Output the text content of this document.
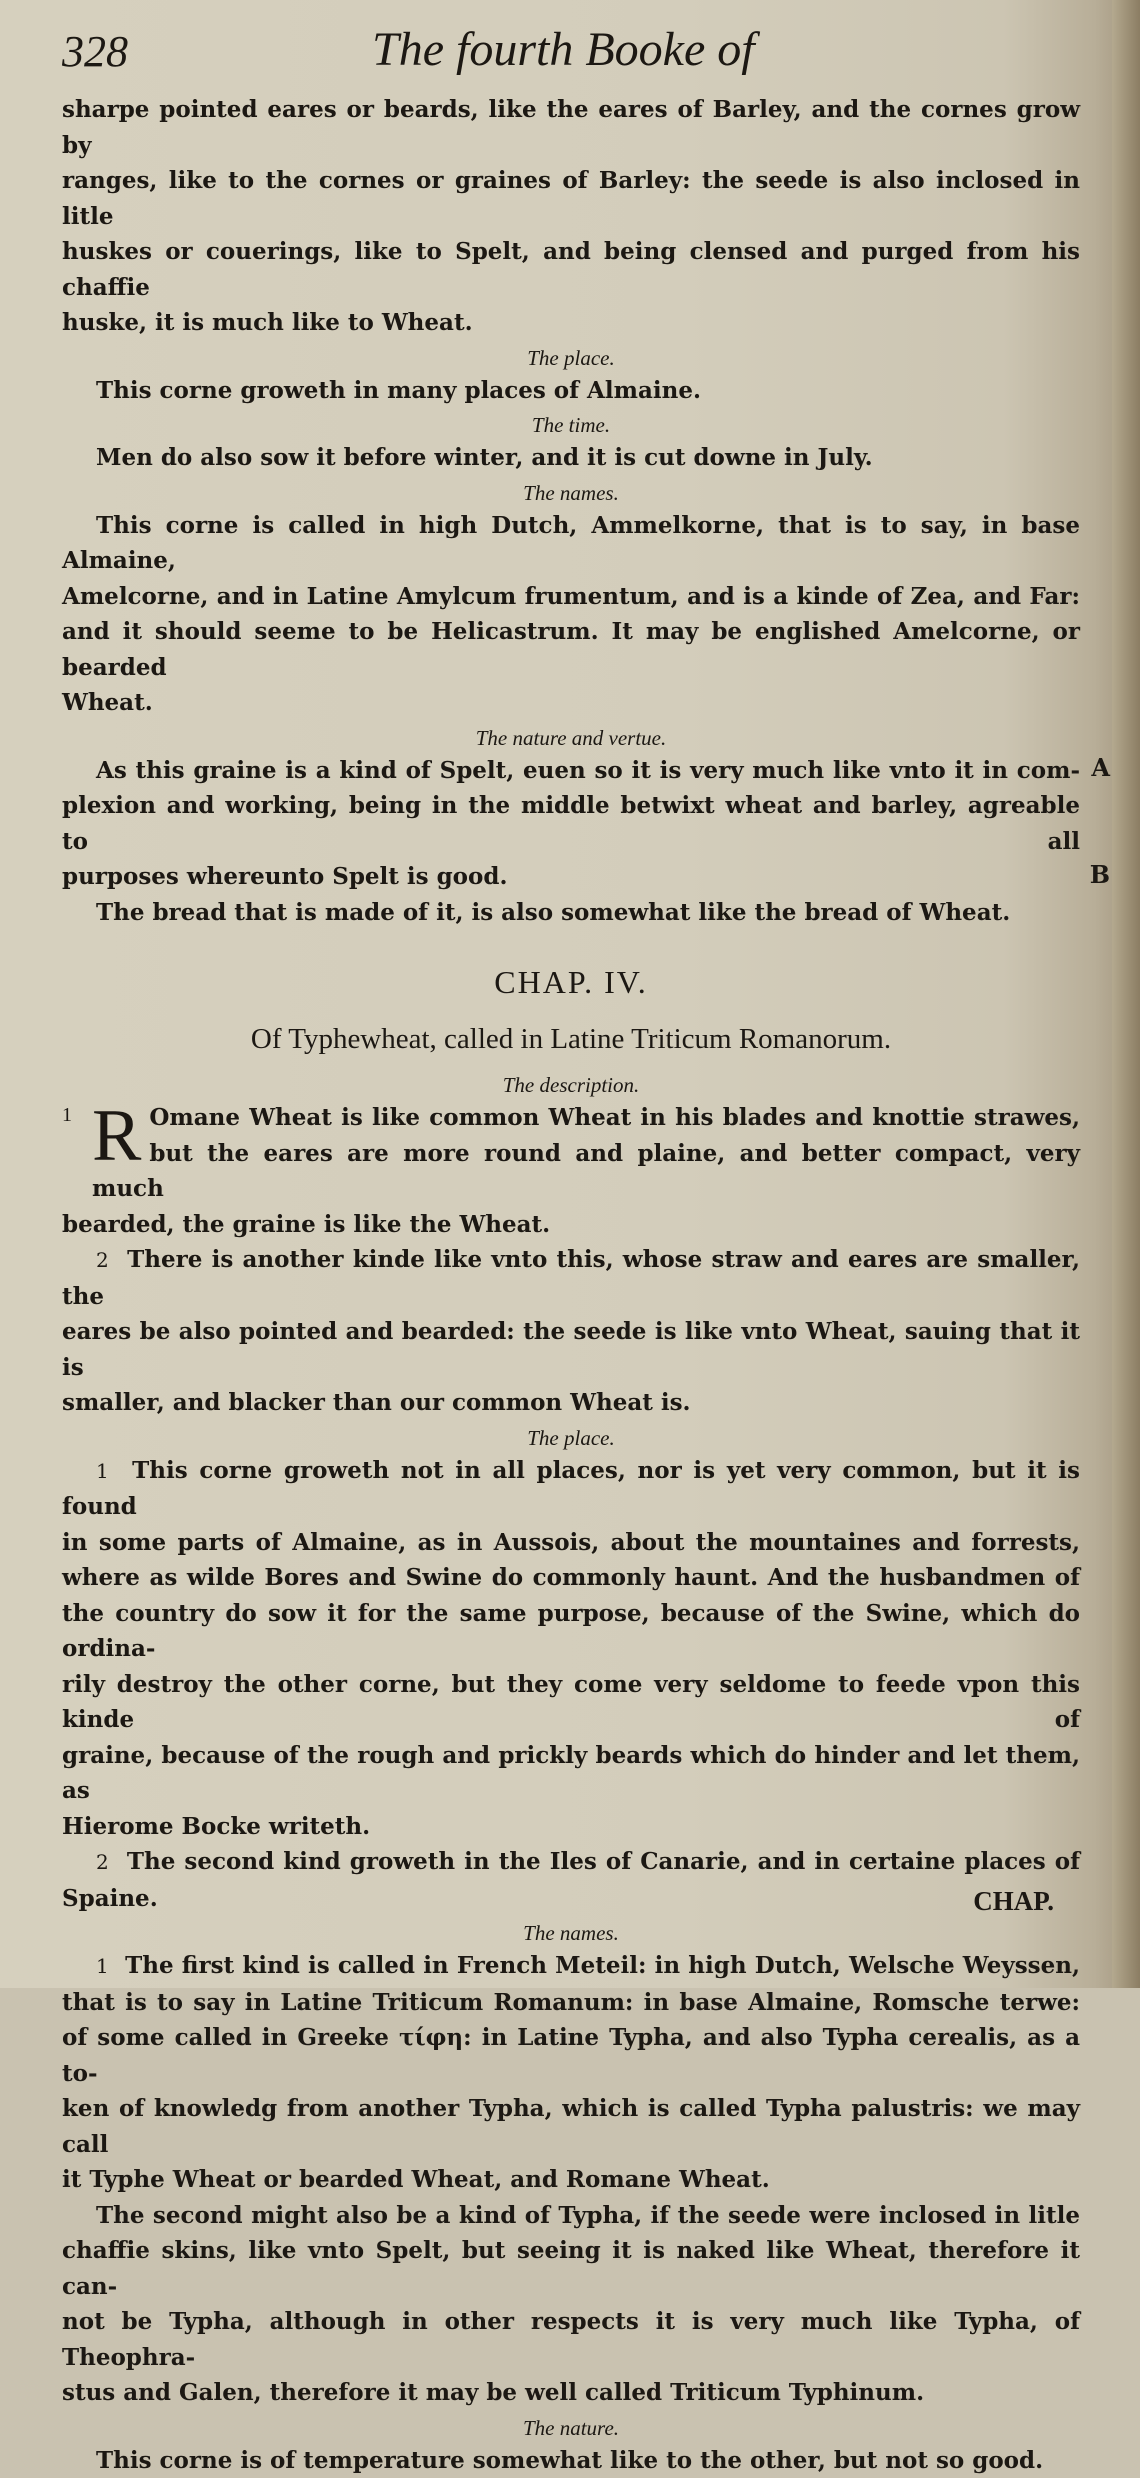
328	The fourth Booke of

sharpe pointed eares or beards, like the eares of Barley, and the cornes grow by

ranges, like to the cornes or graines of Barley: the seede is also inclosed in litle

huskes or couerings, like to Spelt, and being clensed and purged from his chaffie

huske, it is much like to Wheat.

The place.

This corne groweth in many places of Almaine.

The time.

Men do also sow it before winter, and it is cut downe in July.

The names.

This corne is called in high Dutch, Ammelkorne, that is to say, in base Almaine,

Amelcorne, and in Latine Amylcum frumentum, and is a kinde of Zea, and Far:

and it should seeme to be Helicastrum. It may be englished Amelcorne, or bearded

Wheat.

The nature and vertue.

As this graine is a kind of Spelt, euen so it is very much like vnto it in com-

plexion and working, being in the middle betwixt wheat and barley, agreable to all

purposes whereunto Spelt is good.

The bread that is made of it, is also somewhat like the bread of Wheat.

A
B
CHAP. IV.
Of Typhewheat, called in Latine Triticum Romanorum.

The description.

1 R Omane Wheat is like common Wheat in his blades and knottie strawes,

but the eares are more round and plaine, and better compact, very much

bearded, the graine is like the Wheat.

2 There is another kinde like vnto this, whose straw and eares are smaller, the

eares be also pointed and bearded: the seede is like vnto Wheat, sauing that it is

smaller, and blacker than our common Wheat is.

The place.

1 This corne groweth not in all places, nor is yet very common, but it is found

in some parts of Almaine, as in Aussois, about the mountaines and forrests,

where as wilde Bores and Swine do commonly haunt. And the husbandmen of

the country do sow it for the same purpose, because of the Swine, which do ordina-

rily destroy the other corne, but they come very seldome to feede vpon this kinde of

graine, because of the rough and prickly beards which do hinder and let them, as

Hierome Bocke writeth.

2 The second kind groweth in the Iles of Canarie, and in certaine places of

Spaine.

The names.

1 The first kind is called in French Meteil: in high Dutch, Welsche Weyssen,

that is to say in Latine Triticum Romanum: in base Almaine, Romsche terwe:

of some called in Greeke τίφη: in Latine Typha, and also Typha cerealis, as a to-

ken of knowledg from another Typha, which is called Typha palustris: we may call

it Typhe Wheat or bearded Wheat, and Romane Wheat.

The second might also be a kind of Typha, if the seede were inclosed in litle

chaffie skins, like vnto Spelt, but seeing it is naked like Wheat, therefore it can-

not be Typha, although in other respects it is very much like Typha, of Theophra-

stus and Galen, therefore it may be well called Triticum Typhinum.

The nature.

This corne is of temperature somewhat like to the other, but not so good.

CHAP.
